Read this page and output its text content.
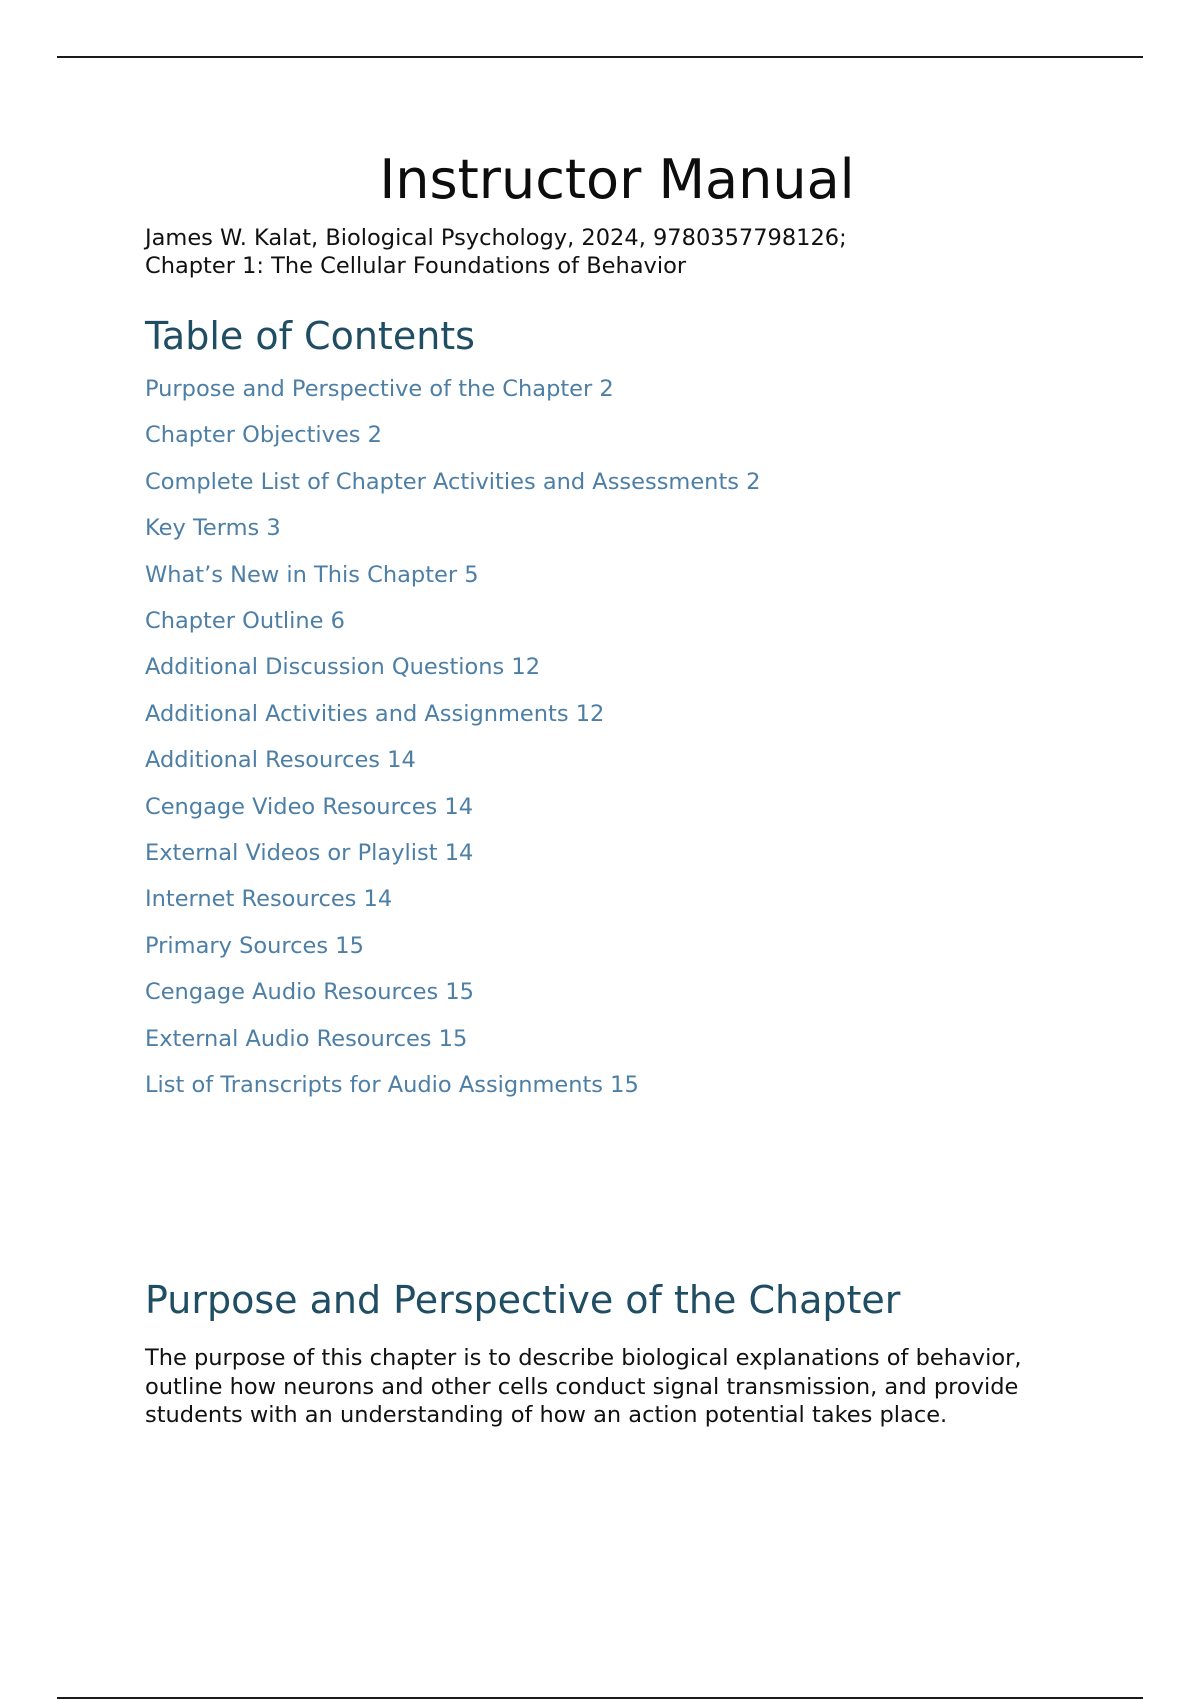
Instructor Manual
James W. Kalat, Biological Psychology, 2024, 9780357798126;
Chapter 1: The Cellular Foundations of Behavior
Table of Contents
Purpose and Perspective of the Chapter 2
Chapter Objectives 2
Complete List of Chapter Activities and Assessments 2
Key Terms 3
What’s New in This Chapter 5
Chapter Outline 6
Additional Discussion Questions 12
Additional Activities and Assignments 12
Additional Resources 14
Cengage Video Resources 14
External Videos or Playlist 14
Internet Resources 14
Primary Sources 15
Cengage Audio Resources 15
External Audio Resources 15
List of Transcripts for Audio Assignments 15
Purpose and Perspective of the Chapter

The purpose of this chapter is to describe biological explanations of behavior, outline how neurons and other cells conduct signal transmission, and provide students with an understanding of how an action potential takes place.
